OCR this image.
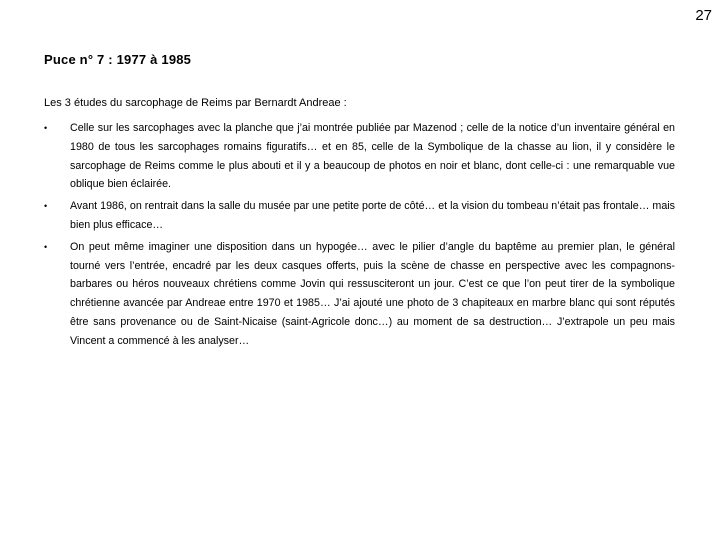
27
Puce n° 7 : 1977 à 1985
Les 3 études du sarcophage de Reims par Bernardt Andreae :
•	Celle sur les sarcophages avec la planche que j’ai montrée publiée par Mazenod ; celle de la notice d’un inventaire général en 1980 de tous les sarcophages romains figuratifs… et en 85, celle de la Symbolique de la chasse au lion, il y considère le sarcophage de Reims comme le plus abouti et il y a beaucoup de photos en noir et blanc, dont celle-ci : une remarquable vue oblique bien éclairée.
•	Avant 1986, on rentrait dans la salle du musée par une petite porte de côté… et la vision du tombeau n’était pas frontale… mais bien plus efficace…
•	On peut même imaginer une disposition dans un hypogée… avec le pilier d’angle du baptême au premier plan, le général tourné vers l’entrée, encadré par les deux casques offerts, puis la scène de chasse en perspective avec les compagnons-barbares ou héros nouveaux chrétiens comme Jovin qui ressusciteront un jour. C’est ce que l’on peut tirer de la symbolique chrétienne avancée par Andreae entre 1970 et 1985… J’ai ajouté une photo de 3 chapiteaux en marbre blanc qui sont réputés être sans provenance ou de Saint-Nicaise (saint-Agricole donc…) au moment de sa destruction… J’extrapole un peu mais Vincent a commencé à les analyser…
